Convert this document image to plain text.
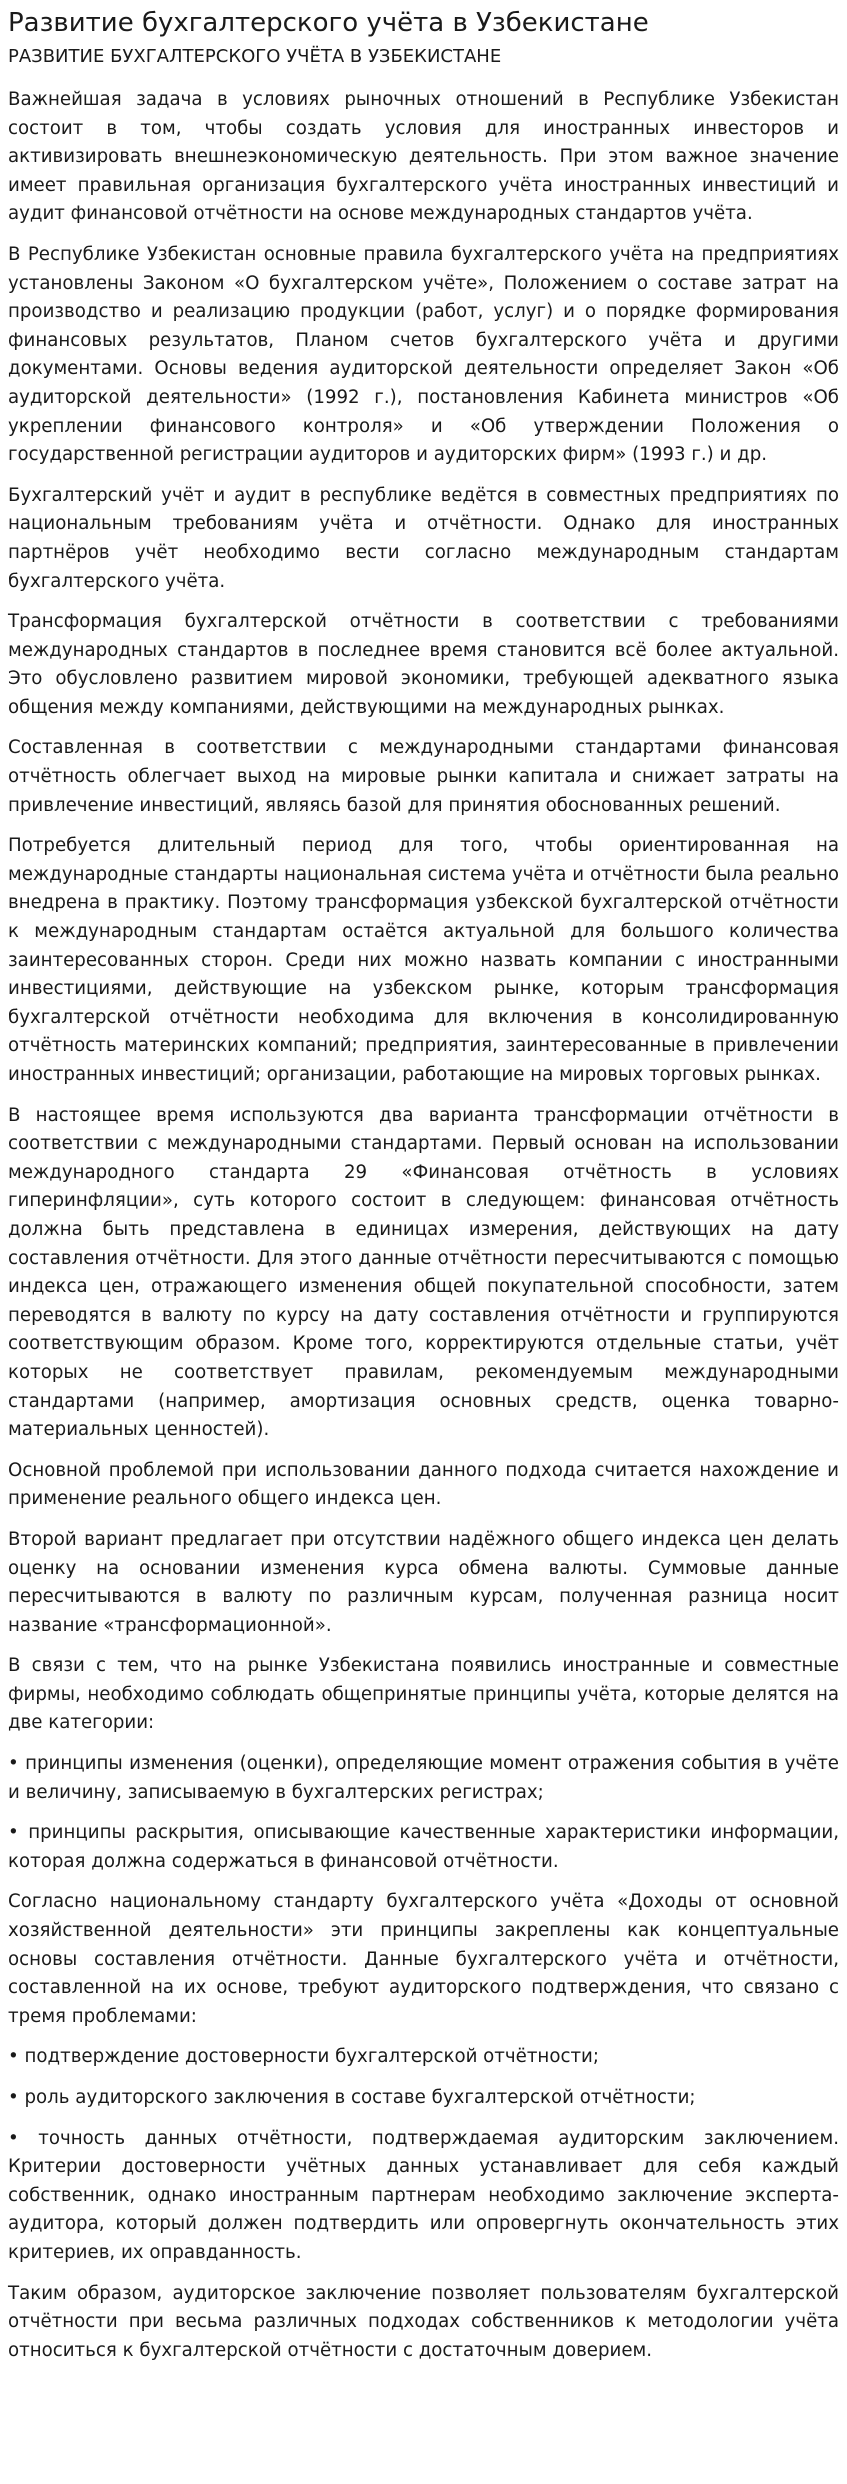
Развитие бухгалтерского учёта в Узбекистане
РАЗВИТИЕ БУХГАЛТЕРСКОГО УЧЁТА В УЗБЕКИСТАНЕ

Важнейшая задача в условиях рыночных отношений в Республике Узбекистан состоит в том, чтобы создать условия для иностранных инвесторов и активизировать внешнеэкономическую деятельность. При этом важное значение имеет правильная организация бухгалтерского учёта иностранных инвестиций и аудит финансовой отчётности на основе международных стандартов учёта.

В Республике Узбекистан основные правила бухгалтерского учёта на предприятиях установлены Законом «О бухгалтерском учёте», Положением о составе затрат на производство и реализацию продукции (работ, услуг) и о порядке формирования финансовых результатов, Планом счетов бухгалтерского учёта и другими документами. Основы ведения аудиторской деятельности определяет Закон «Об аудиторской деятельности» (1992 г.), постановления Кабинета министров «Об укреплении финансового контроля» и «Об утверждении Положения о государственной регистрации аудиторов и аудиторских фирм» (1993 г.) и др.

Бухгалтерский учёт и аудит в республике ведётся в совместных предприятиях по национальным требованиям учёта и отчётности. Однако для иностранных партнёров учёт необходимо вести согласно международным стандартам бухгалтерского учёта.

Трансформация бухгалтерской отчётности в соответствии с требованиями международных стандартов в последнее время становится всё более актуальной. Это обусловлено развитием мировой экономики, требующей адекватного языка общения между компаниями, действующими на международных рынках.

Составленная в соответствии с международными стандартами финансовая отчётность облегчает выход на мировые рынки капитала и снижает затраты на привлечение инвестиций, являясь базой для принятия обоснованных решений.

Потребуется длительный период для того, чтобы ориентированная на международные стандарты национальная система учёта и отчётности была реально внедрена в практику. Поэтому трансформация узбекской бухгалтерской отчётности к международным стандартам остаётся актуальной для большого количества заинтересованных сторон. Среди них можно назвать компании с иностранными инвестициями, действующие на узбекском рынке, которым трансформация бухгалтерской отчётности необходима для включения в консолидированную отчётность материнских компаний; предприятия, заинтересованные в привлечении иностранных инвестиций; организации, работающие на мировых торговых рынках.

В настоящее время используются два варианта трансформации отчётности в соответствии с международными стандартами. Первый основан на использовании международного стандарта 29 «Финансовая отчётность в условиях гиперинфляции», суть которого состоит в следующем: финансовая отчётность должна быть представлена в единицах измерения, действующих на дату составления отчётности. Для этого данные отчётности пересчитываются с помощью индекса цен, отражающего изменения общей покупательной способности, затем переводятся в валюту по курсу на дату составления отчётности и группируются соответствующим образом. Кроме того, корректируются отдельные статьи, учёт которых не соответствует правилам, рекомендуемым международными стандартами (например, амортизация основных средств, оценка товарно-материальных ценностей).

Основной проблемой при использовании данного подхода считается нахождение и применение реального общего индекса цен.

Второй вариант предлагает при отсутствии надёжного общего индекса цен делать оценку на основании изменения курса обмена валюты. Суммовые данные пересчитываются в валюту по различным курсам, полученная разница носит название «трансформационной».

В связи с тем, что на рынке Узбекистана появились иностранные и совместные фирмы, необходимо соблюдать общепринятые принципы учёта, которые делятся на две категории:

• принципы изменения (оценки), определяющие момент отражения события в учёте и величину, записываемую в бухгалтерских регистрах;

• принципы раскрытия, описывающие качественные характеристики информации, которая должна содержаться в финансовой отчётности.

Согласно национальному стандарту бухгалтерского учёта «Доходы от основной хозяйственной деятельности» эти принципы закреплены как концептуальные основы составления отчётности. Данные бухгалтерского учёта и отчётности, составленной на их основе, требуют аудиторского подтверждения, что связано с тремя проблемами:

• подтверждение достоверности бухгалтерской отчётности;

• роль аудиторского заключения в составе бухгалтерской отчётности;

• точность данных отчётности, подтверждаемая аудиторским заключением. Критерии достоверности учётных данных устанавливает для себя каждый собственник, однако иностранным партнерам необходимо заключение эксперта-аудитора, который должен подтвердить или опровергнуть окончательность этих критериев, их оправданность.

Таким образом, аудиторское заключение позволяет пользователям бухгалтерской отчётности при весьма различных подходах собственников к методологии учёта относиться к бухгалтерской отчётности с достаточным доверием.
